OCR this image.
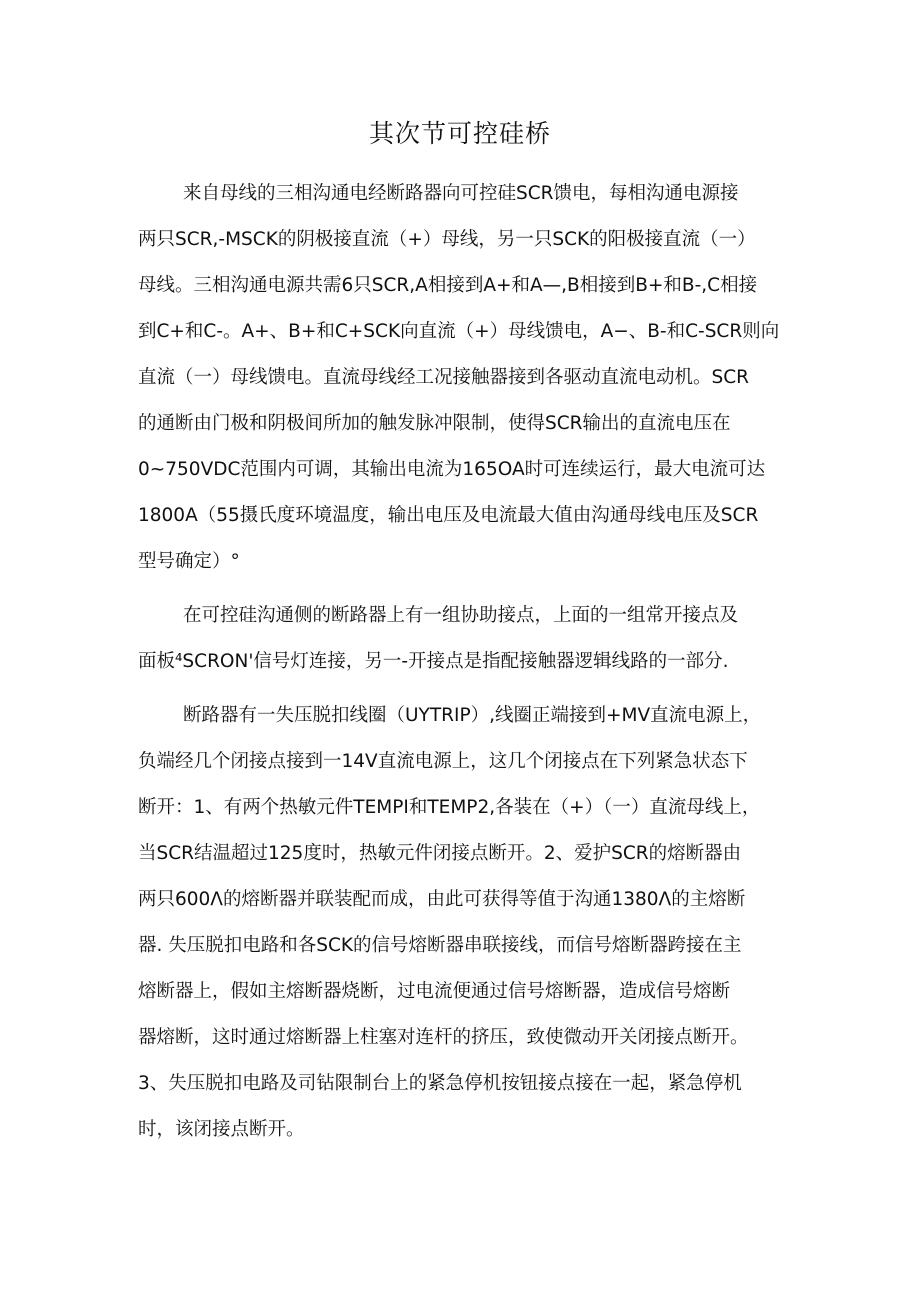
其次节可控硅桥

来自母线的三相沟通电经断路器向可控硅SCR馈电，每相沟通电源接

两只SCR,-MSCK的阴极接直流（+）母线，另一只SCK的阳极接直流（一）

母线。三相沟通电源共需6只SCR,A相接到A+和A—,B相接到B+和B-,C相接

到C+和C-。A+、B+和C+SCK向直流（+）母线馈电，A−、B-和C-SCR则向

直流（一）母线馈电。直流母线经工况接触器接到各驱动直流电动机。SCR

的通断由门极和阴极间所加的触发脉冲限制，使得SCR输出的直流电压在

0~750VDC范围内可调，其输出电流为165OA时可连续运行，最大电流可达

1800A（55摄氏度环境温度，输出电压及电流最大值由沟通母线电压及SCR

型号确定）°

在可控硅沟通侧的断路器上有一组协助接点，上面的一组常开接点及

面板⁴SCRON'信号灯连接，另一-开接点是指配接触器逻辑线路的一部分.

断路器有一失压脱扣线圈（UYTRIP）,线圈正端接到+MV直流电源上，

负端经几个闭接点接到一14V直流电源上，这几个闭接点在下列紧急状态下

断开：1、有两个热敏元件TEMPI和TEMP2,各装在（+）（一）直流母线上，

当SCR结温超过125度时，热敏元件闭接点断开。2、爱护SCR的熔断器由

两只600Λ的熔断器并联装配而成，由此可获得等值于沟通1380Λ的主熔断

器. 失压脱扣电路和各SCK的信号熔断器串联接线，而信号熔断器跨接在主

熔断器上，假如主熔断器烧断，过电流便通过信号熔断器，造成信号熔断

器熔断，这时通过熔断器上柱塞对连杆的挤压，致使微动开关闭接点断开。

3、失压脱扣电路及司钻限制台上的紧急停机按钮接点接在一起，紧急停机

时，该闭接点断开。
